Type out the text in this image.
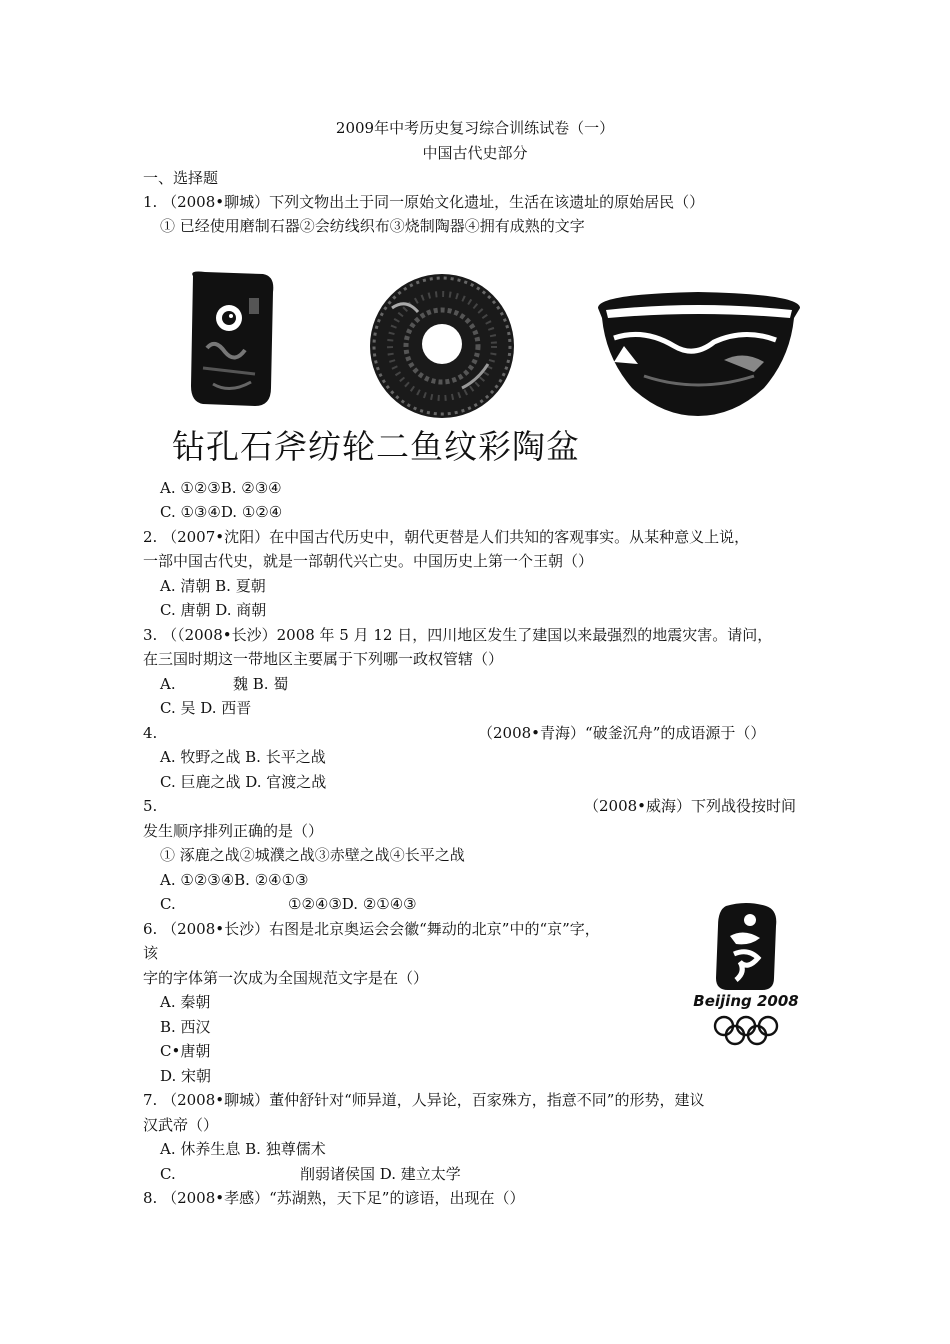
2009年中考历史复习综合训练试卷（一）
中国古代史部分
一、选择题
1. （2008•聊城）下列文物出土于同一原始文化遗址，生活在该遗址的原始居民（）
① 已经使用磨制石器②会纺线织布③烧制陶器④拥有成熟的文字
钻孔石斧纺轮二鱼纹彩陶盆
A. ①②③B. ②③④
C. ①③④D. ①②④
2. （2007•沈阳）在中国古代历史中，朝代更替是人们共知的客观事实。从某种意义上说，
一部中国古代史，就是一部朝代兴亡史。中国历史上第一个王朝（）
A. 清朝 B. 夏朝
C. 唐朝 D. 商朝
3. （（2008•长沙）2008 年 5 月 12 日，四川地区发生了建国以来最强烈的地震灾害。请问，
在三国时期这一带地区主要属于下列哪一政权管辖（）
A.	魏 B. 蜀
C. 吴 D. 西晋
4.	（2008•青海）“破釜沉舟”的成语源于（）
A. 牧野之战 B. 长平之战
C. 巨鹿之战 D. 官渡之战
5.	（2008•威海）下列战役按时间
发生顺序排列正确的是（）
① 涿鹿之战②城濮之战③赤壁之战④长平之战
A. ①②③④B. ②④①③
C.	①②④③D. ②①④③
6. （2008•长沙）右图是北京奥运会会徽“舞动的北京”中的“京”字，
该
字的字体第一次成为全国规范文字是在（）
A. 秦朝
B. 西汉
C•唐朝
D. 宋朝
Beijing 2008
7. （2008•聊城）董仲舒针对“师异道，人异论，百家殊方，指意不同”的形势，建议
汉武帝（）
A. 休养生息 B. 独尊儒术
C.	削弱诸侯国 D. 建立太学
8. （2008•孝感）“苏湖熟，天下足”的谚语，出现在（）
